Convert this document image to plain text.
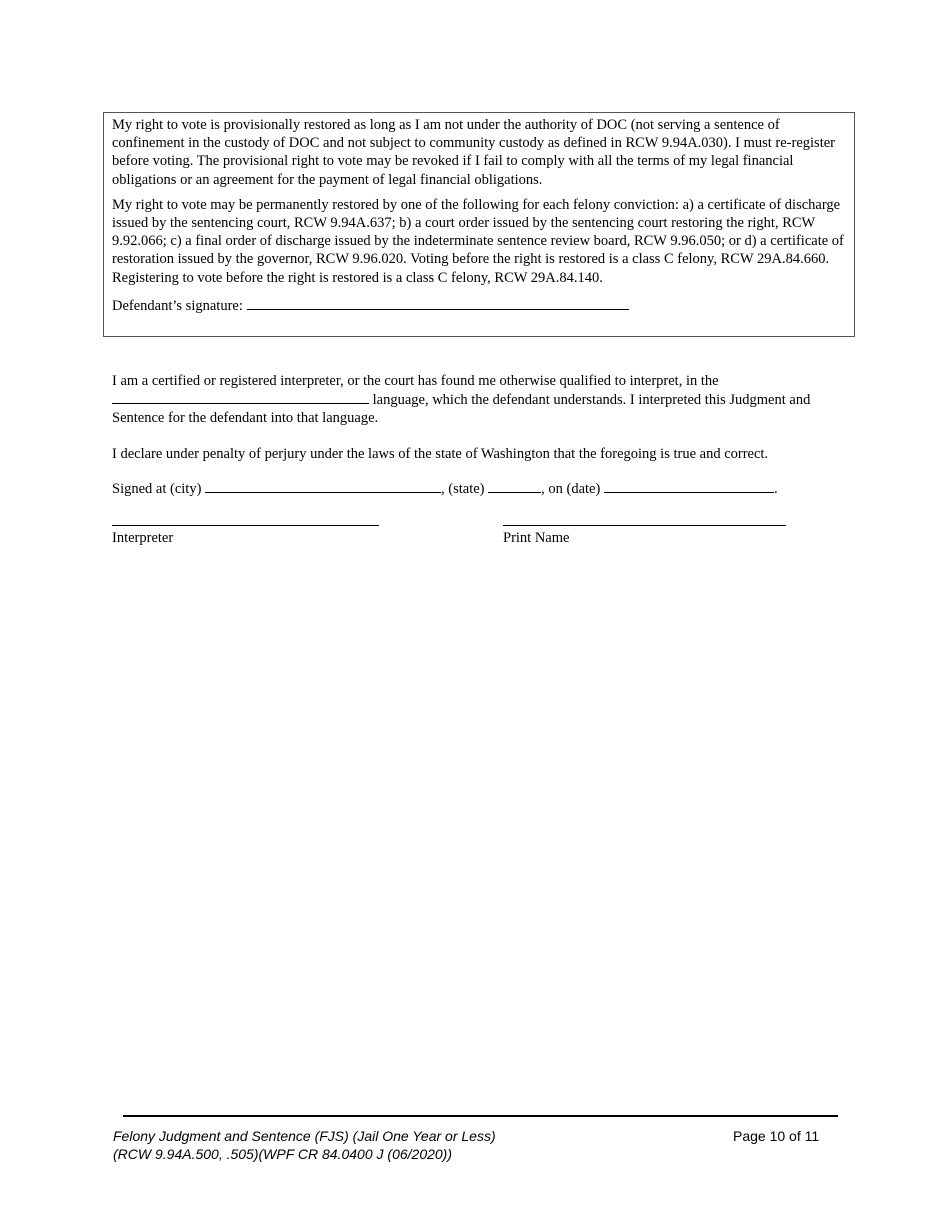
My right to vote is provisionally restored as long as I am not under the authority of DOC (not serving a sentence of confinement in the custody of DOC and not subject to community custody as defined in RCW 9.94A.030). I must re-register before voting. The provisional right to vote may be revoked if I fail to comply with all the terms of my legal financial obligations or an agreement for the payment of legal financial obligations.

My right to vote may be permanently restored by one of the following for each felony conviction: a) a certificate of discharge issued by the sentencing court, RCW 9.94A.637; b) a court order issued by the sentencing court restoring the right, RCW 9.92.066; c) a final order of discharge issued by the indeterminate sentence review board, RCW 9.96.050; or d) a certificate of restoration issued by the governor, RCW 9.96.020. Voting before the right is restored is a class C felony, RCW 29A.84.660. Registering to vote before the right is restored is a class C felony, RCW 29A.84.140.

Defendant’s signature:

I am a certified or registered interpreter, or the court has found me otherwise qualified to interpret, in the
language, which the defendant understands. I interpreted this Judgment and Sentence for the defendant into that language.

I declare under penalty of perjury under the laws of the state of Washington that the foregoing is true and correct.

Signed at (city)	, (state)	, on (date)	.

Interpreter	Print Name
Felony Judgment and Sentence (FJS) (Jail One Year or Less)
(RCW 9.94A.500, .505)(WPF CR 84.0400 J (06/2020))
Page 10 of 11
